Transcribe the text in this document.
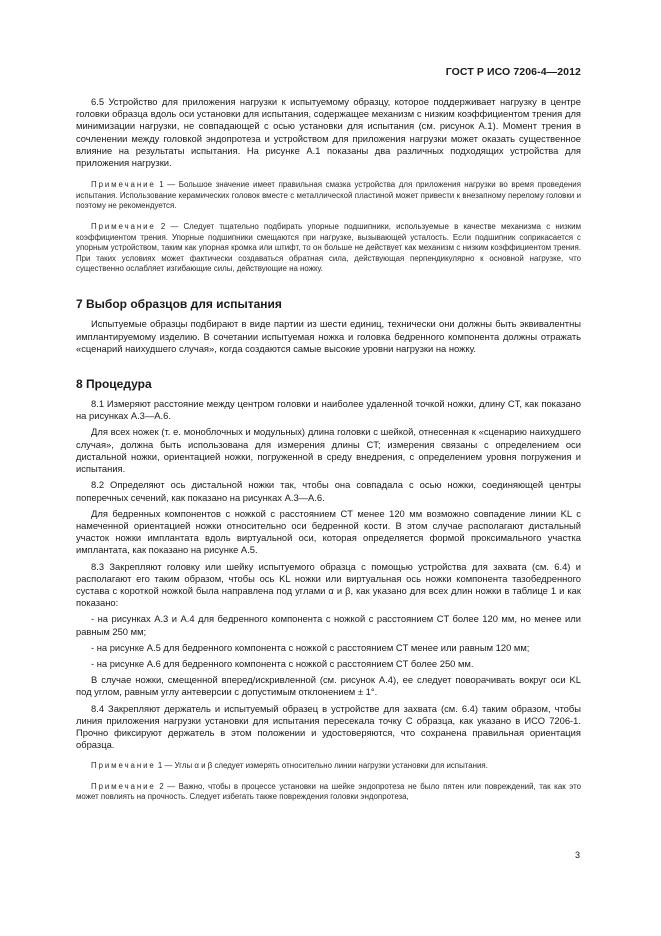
ГОСТ Р ИСО 7206-4—2012

6.5 Устройство для приложения нагрузки к испытуемому образцу, которое поддерживает нагрузку в центре головки образца вдоль оси установки для испытания, содержащее механизм с низким коэффициентом трения для минимизации нагрузки, не совпадающей с осью установки для испытания (см. рисунок А.1). Момент трения в сочленении между головкой эндопротеза и устройством для приложения нагрузки может оказать существенное влияние на результаты испытания. На рисунке А.1 показаны два различных подходящих устройства для приложения нагрузки.

Примечание 1 — Большое значение имеет правильная смазка устройства для приложения нагрузки во время проведения испытания. Использование керамических головок вместе с металлической пластиной может привести к внезапному перелому головки и поэтому не рекомендуется.

Примечание 2 — Следует тщательно подбирать упорные подшипники, используемые в качестве механизма с низким коэффициентом трения. Упорные подшипники смещаются при нагрузке, вызывающей усталость. Если подшипник соприкасается с упорным устройством, таким как упорная кромка или штифт, то он больше не действует как механизм с низким коэффициентом трения. При таких условиях может фактически создаваться обратная сила, действующая перпендикулярно к основной нагрузке, что существенно ослабляет изгибающие силы, действующие на ножку.

7 Выбор образцов для испытания

Испытуемые образцы подбирают в виде партии из шести единиц, технически они должны быть эквивалентны имплантируемому изделию. В сочетании испытуемая ножка и головка бедренного компонента должны отражать «сценарий наихудшего случая», когда создаются самые высокие уровни нагрузки на ножку.

8 Процедура

8.1 Измеряют расстояние между центром головки и наиболее удаленной точкой ножки, длину CT, как показано на рисунках А.3—А.6.

Для всех ножек (т. е. моноблочных и модульных) длина головки с шейкой, отнесенная к «сценарию наихудшего случая», должна быть использована для измерения длины CT; измерения связаны с определением оси дистальной ножки, ориентацией ножки, погруженной в среду внедрения, с определением уровня погружения и испытания.

8.2 Определяют ось дистальной ножки так, чтобы она совпадала с осью ножки, соединяющей центры поперечных сечений, как показано на рисунках А.3—А.6.

Для бедренных компонентов с ножкой с расстоянием CT менее 120 мм возможно совпадение линии KL с намеченной ориентацией ножки относительно оси бедренной кости. В этом случае располагают дистальный участок ножки имплантата вдоль виртуальной оси, которая определяется формой проксимального участка имплантата, как показано на рисунке А.5.

8.3 Закрепляют головку или шейку испытуемого образца с помощью устройства для захвата (см. 6.4) и располагают его таким образом, чтобы ось KL ножки или виртуальная ось ножки компонента тазобедренного сустава с короткой ножкой была направлена под углами α и β, как указано для всех длин ножки в таблице 1 и как показано:

- на рисунках А.3 и А.4 для бедренного компонента с ножкой с расстоянием CT более 120 мм, но менее или равным 250 мм;

- на рисунке А.5 для бедренного компонента с ножкой с расстоянием CT менее или равным 120 мм;

- на рисунке А.6 для бедренного компонента с ножкой с расстоянием CT более 250 мм.

В случае ножки, смещенной вперед/искривленной (см. рисунок А.4), ее следует поворачивать вокруг оси KL под углом, равным углу антеверсии с допустимым отклонением ± 1°.

8.4 Закрепляют держатель и испытуемый образец в устройстве для захвата (см. 6.4) таким образом, чтобы линия приложения нагрузки установки для испытания пересекала точку C образца, как указано в ИСО 7206-1. Прочно фиксируют держатель в этом положении и удостоверяются, что сохранена правильная ориентация образца.

Примечание 1 — Углы α и β следует измерять относительно линии нагрузки установки для испытания.

Примечание 2 — Важно, чтобы в процессе установки на шейке эндопротеза не было пятен или повреждений, так как это может повлиять на прочность. Следует избегать также повреждения головки эндопротеза,

3
